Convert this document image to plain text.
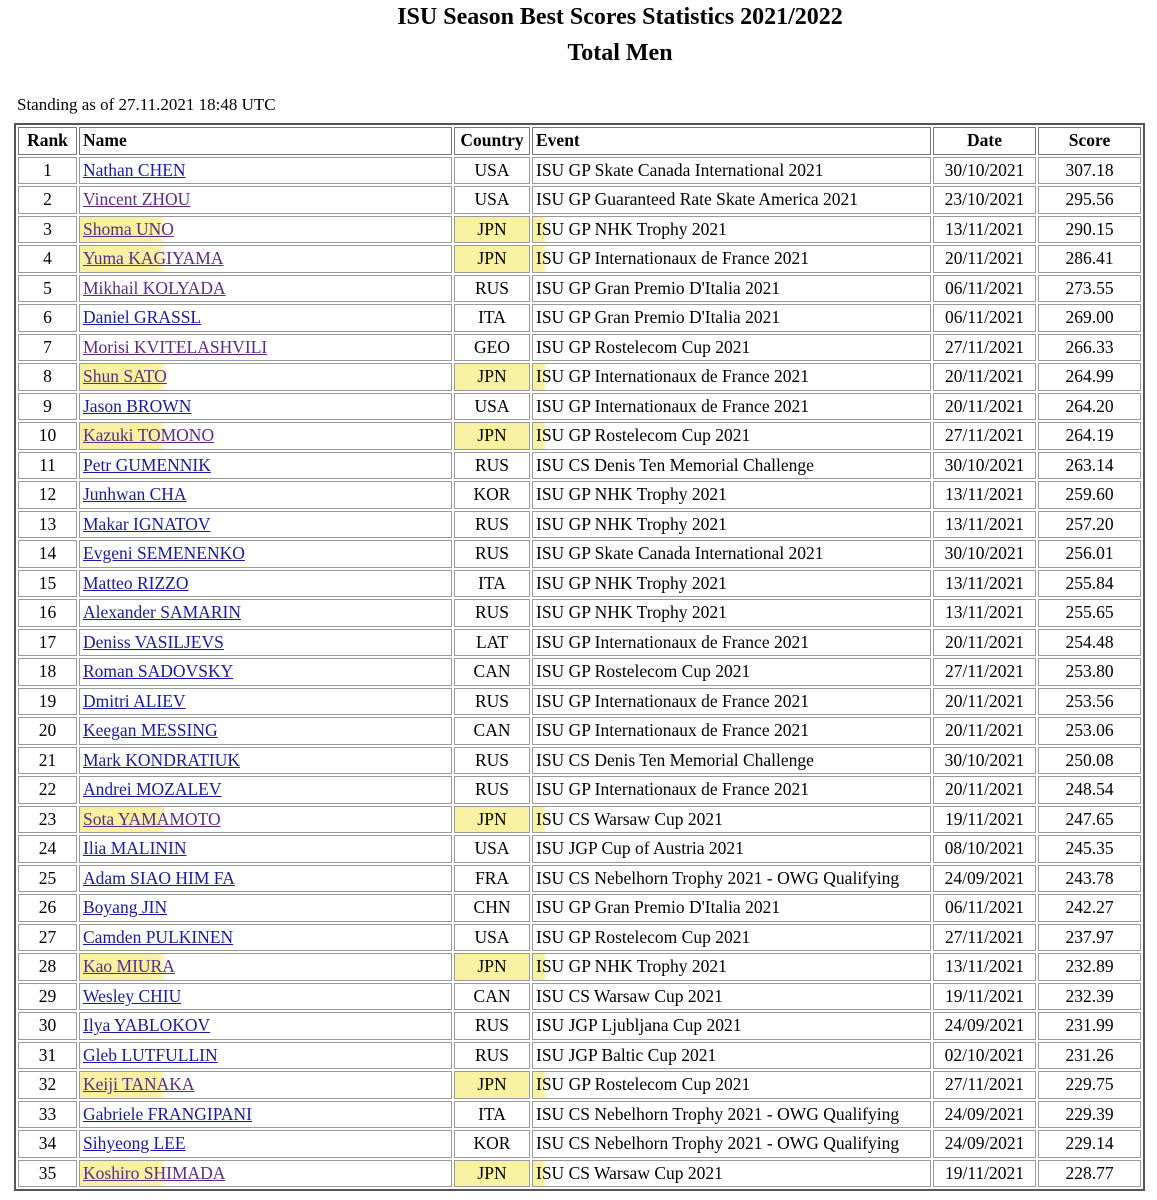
ISU Season Best Scores Statistics 2021/2022
Total Men
Standing as of 27.11.2021 18:48 UTC
Rank	Name	Country	Event	Date	Score
1	Nathan CHEN	USA	ISU GP Skate Canada International 2021	30/10/2021	307.18
2	Vincent ZHOU	USA	ISU GP Guaranteed Rate Skate America 2021	23/10/2021	295.56
3	Shoma UNO	JPN	ISU GP NHK Trophy 2021	13/11/2021	290.15
4	Yuma KAGIYAMA	JPN	ISU GP Internationaux de France 2021	20/11/2021	286.41
5	Mikhail KOLYADA	RUS	ISU GP Gran Premio D'Italia 2021	06/11/2021	273.55
6	Daniel GRASSL	ITA	ISU GP Gran Premio D'Italia 2021	06/11/2021	269.00
7	Morisi KVITELASHVILI	GEO	ISU GP Rostelecom Cup 2021	27/11/2021	266.33
8	Shun SATO	JPN	ISU GP Internationaux de France 2021	20/11/2021	264.99
9	Jason BROWN	USA	ISU GP Internationaux de France 2021	20/11/2021	264.20
10	Kazuki TOMONO	JPN	ISU GP Rostelecom Cup 2021	27/11/2021	264.19
11	Petr GUMENNIK	RUS	ISU CS Denis Ten Memorial Challenge	30/10/2021	263.14
12	Junhwan CHA	KOR	ISU GP NHK Trophy 2021	13/11/2021	259.60
13	Makar IGNATOV	RUS	ISU GP NHK Trophy 2021	13/11/2021	257.20
14	Evgeni SEMENENKO	RUS	ISU GP Skate Canada International 2021	30/10/2021	256.01
15	Matteo RIZZO	ITA	ISU GP NHK Trophy 2021	13/11/2021	255.84
16	Alexander SAMARIN	RUS	ISU GP NHK Trophy 2021	13/11/2021	255.65
17	Deniss VASILJEVS	LAT	ISU GP Internationaux de France 2021	20/11/2021	254.48
18	Roman SADOVSKY	CAN	ISU GP Rostelecom Cup 2021	27/11/2021	253.80
19	Dmitri ALIEV	RUS	ISU GP Internationaux de France 2021	20/11/2021	253.56
20	Keegan MESSING	CAN	ISU GP Internationaux de France 2021	20/11/2021	253.06
21	Mark KONDRATIUK	RUS	ISU CS Denis Ten Memorial Challenge	30/10/2021	250.08
22	Andrei MOZALEV	RUS	ISU GP Internationaux de France 2021	20/11/2021	248.54
23	Sota YAMAMOTO	JPN	ISU CS Warsaw Cup 2021	19/11/2021	247.65
24	Ilia MALININ	USA	ISU JGP Cup of Austria 2021	08/10/2021	245.35
25	Adam SIAO HIM FA	FRA	ISU CS Nebelhorn Trophy 2021 - OWG Qualifying	24/09/2021	243.78
26	Boyang JIN	CHN	ISU GP Gran Premio D'Italia 2021	06/11/2021	242.27
27	Camden PULKINEN	USA	ISU GP Rostelecom Cup 2021	27/11/2021	237.97
28	Kao MIURA	JPN	ISU GP NHK Trophy 2021	13/11/2021	232.89
29	Wesley CHIU	CAN	ISU CS Warsaw Cup 2021	19/11/2021	232.39
30	Ilya YABLOKOV	RUS	ISU JGP Ljubljana Cup 2021	24/09/2021	231.99
31	Gleb LUTFULLIN	RUS	ISU JGP Baltic Cup 2021	02/10/2021	231.26
32	Keiji TANAKA	JPN	ISU GP Rostelecom Cup 2021	27/11/2021	229.75
33	Gabriele FRANGIPANI	ITA	ISU CS Nebelhorn Trophy 2021 - OWG Qualifying	24/09/2021	229.39
34	Sihyeong LEE	KOR	ISU CS Nebelhorn Trophy 2021 - OWG Qualifying	24/09/2021	229.14
35	Koshiro SHIMADA	JPN	ISU CS Warsaw Cup 2021	19/11/2021	228.77
